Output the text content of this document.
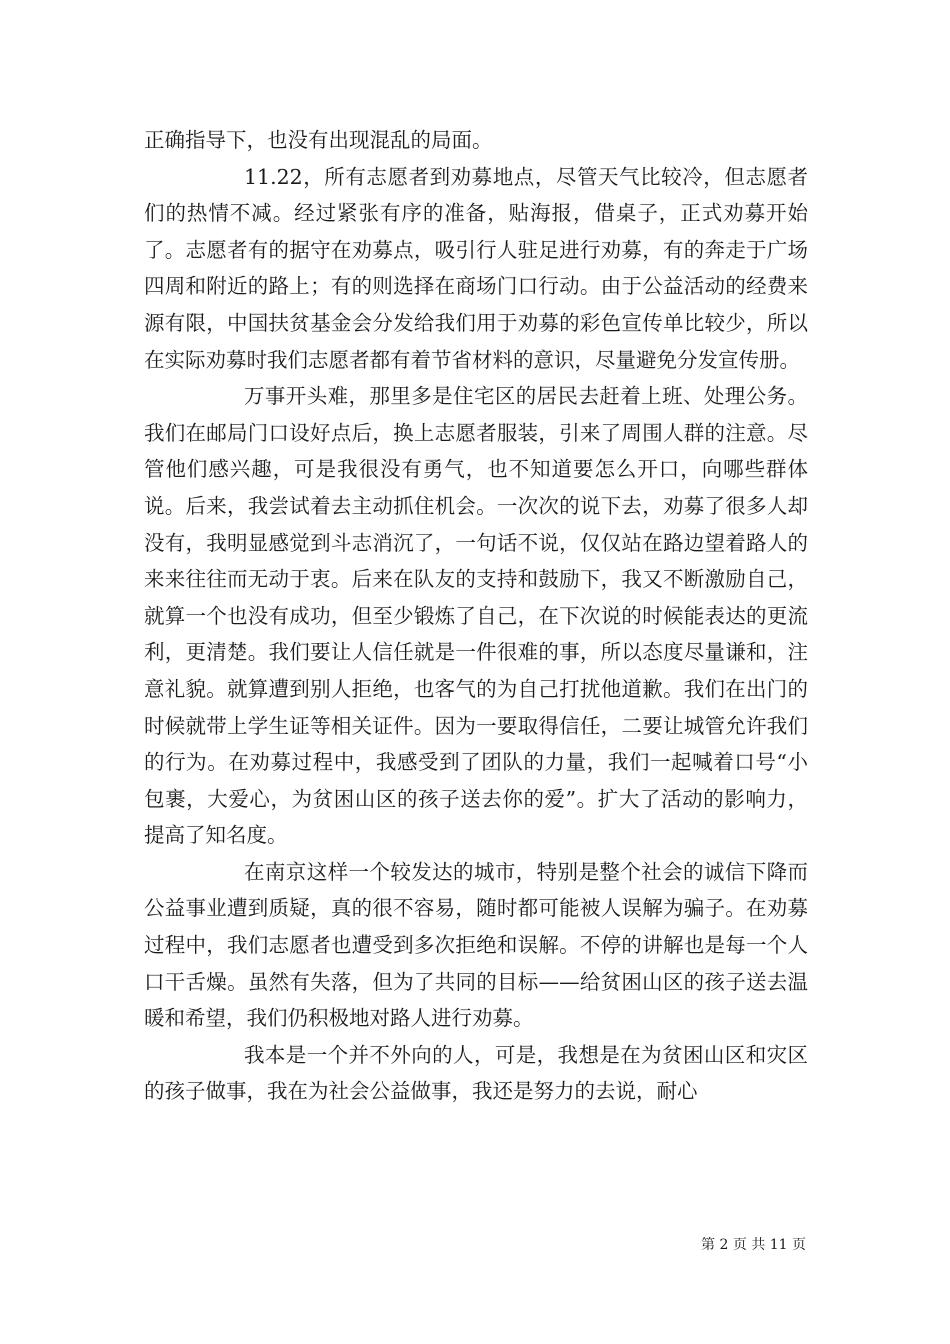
正确指导下，也没有出现混乱的局面。

11.22，所有志愿者到劝募地点，尽管天气比较冷，但志愿者们的热情不减。经过紧张有序的准备，贴海报，借桌子，正式劝募开始了。志愿者有的据守在劝募点，吸引行人驻足进行劝募，有的奔走于广场四周和附近的路上；有的则选择在商场门口行动。由于公益活动的经费来源有限，中国扶贫基金会分发给我们用于劝募的彩色宣传单比较少，所以在实际劝募时我们志愿者都有着节省材料的意识，尽量避免分发宣传册。

万事开头难，那里多是住宅区的居民去赶着上班、处理公务。我们在邮局门口设好点后，换上志愿者服装，引来了周围人群的注意。尽管他们感兴趣，可是我很没有勇气，也不知道要怎么开口，向哪些群体说。后来，我尝试着去主动抓住机会。一次次的说下去，劝募了很多人却没有，我明显感觉到斗志消沉了，一句话不说，仅仅站在路边望着路人的来来往往而无动于衷。后来在队友的支持和鼓励下，我又不断激励自己，就算一个也没有成功，但至少锻炼了自己，在下次说的时候能表达的更流利，更清楚。我们要让人信任就是一件很难的事，所以态度尽量谦和，注意礼貌。就算遭到别人拒绝，也客气的为自己打扰他道歉。我们在出门的时候就带上学生证等相关证件。因为一要取得信任，二要让城管允许我们的行为。在劝募过程中，我感受到了团队的力量，我们一起喊着口号“小包裹，大爱心，为贫困山区的孩子送去你的爱”。扩大了活动的影响力，提高了知名度。

在南京这样一个较发达的城市，特别是整个社会的诚信下降而公益事业遭到质疑，真的很不容易，随时都可能被人误解为骗子。在劝募过程中，我们志愿者也遭受到多次拒绝和误解。不停的讲解也是每一个人口干舌燥。虽然有失落，但为了共同的目标——给贫困山区的孩子送去温暖和希望，我们仍积极地对路人进行劝募。

我本是一个并不外向的人，可是，我想是在为贫困山区和灾区的孩子做事，我在为社会公益做事，我还是努力的去说，耐心

第 2 页 共 11 页
